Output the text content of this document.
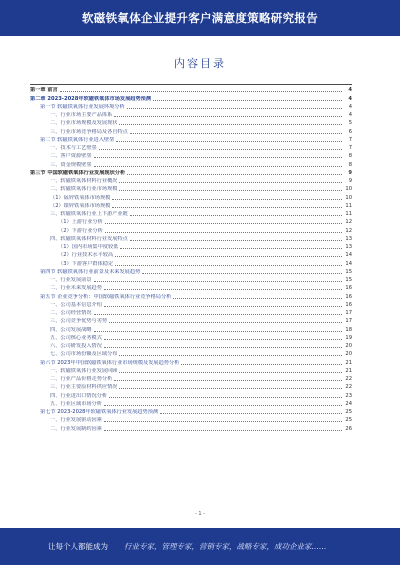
软磁铁氧体企业提升客户满意度策略研究报告
内容目录
第一章 前言	4
第二章 2023-2028年软磁铁氧体市场发展趋势预测	4
第一节 软磁铁氧体行业发展环境分析	4
一、行业市场主要产品体系	4
二、行业市场规模及发展现状	5
三、行业市场竞争格局及各自特点	6
第二节 软磁铁氧体行业进入壁垒	7
一、技术与工艺壁垒	7
二、客户资源壁垒	8
三、资金规模壁垒	8
第三节 中国软磁铁氧体行业发展现状分析	9
一、软磁铁氧体材料行业概况	9
二、软磁铁氧体行业市场规模	10
（1）锰锌铁氧体市场规模	10
（2）镍锌铁氧体市场规模	11
三、软磁铁氧体行业上下游产业链	11
（1）上游行业分析	12
（2）下游行业分析	12
四、软磁铁氧体材料行业发展特点	13
（1）国内市场集中度较低	13
（2）行业技术水平较高	14
（3）下游客户群体稳定	14
第四节 软磁铁氧体行业前景及未来发展趋势	15
一、行业发展前景	15
二、行业未来发展趋势	16
第五节 企业竞争分析：中国软磁铁氧体行业竞争格局分析	16
一、公司基本信息介绍	16
二、公司经营情况	17
三、公司竞争优势与劣势	17
四、公司发展战略	18
五、公司核心业务模式	19
六、公司研发投入情况	20
七、公司市场份额及区域分布	20
第六节 2023年中国软磁铁氧体行业市场规模及发展趋势分析	21
一、软磁铁氧体行业发展回顾	21
二、行业产品价格走势分析	22
三、行业主要原材料供应情况	22
四、行业进出口情况分析	23
五、行业区域市场分析	24
第七节 2023-2028年软磁铁氧体行业发展趋势预测	25
一、行业发展驱动因素	25
二、行业发展制约因素	26
- 1 -
让每个人都能成为 行业专家，管理专家，营销专家，战略专家，成功企业家……
